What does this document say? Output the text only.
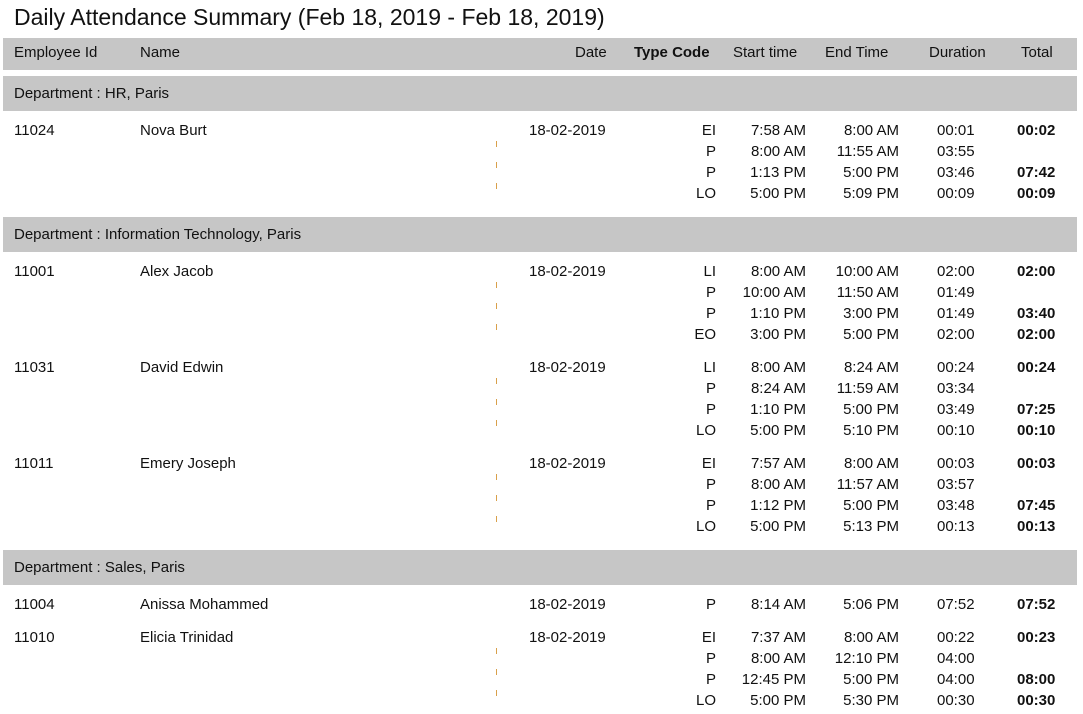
Daily Attendance Summary (Feb 18, 2019 - Feb 18, 2019)
Employee Id	Name	Date Type Code Start time End Time	Duration Total
Department : HR, Paris
11024	Nova Burt	18-02-2019	EI 7:58 AM	8:00 AM	00:01	00:02
P 8:00 AM 11:55 AM	03:55
P 1:13 PM 5:00 PM	03:46	07:42
LO 5:00 PM 5:09 PM	00:09	00:09
Department : Information Technology, Paris
11001	Alex Jacob	18-02-2019	LI 8:00 AM 10:00 AM	02:00	02:00
P 10:00 AM 11:50 AM	01:49
P 1:10 PM 3:00 PM	01:49	03:40
EO 3:00 PM 5:00 PM	02:00	02:00
11031	David Edwin	18-02-2019	LI 8:00 AM	8:24 AM	00:24	00:24
P 8:24 AM 11:59 AM	03:34
P 1:10 PM 5:00 PM	03:49	07:25
LO 5:00 PM 5:10 PM	00:10	00:10
11011	Emery Joseph	18-02-2019	EI 7:57 AM	8:00 AM	00:03	00:03
P 8:00 AM 11:57 AM	03:57
P 1:12 PM 5:00 PM	03:48	07:45
LO 5:00 PM 5:13 PM	00:13	00:13
Department : Sales, Paris
11004	Anissa Mohammed	18-02-2019	P 8:14 AM 5:06 PM	07:52	07:52
11010	Elicia Trinidad	18-02-2019	EI 7:37 AM	8:00 AM	00:22	00:23
P 8:00 AM 12:10 PM	04:00
P 12:45 PM 5:00 PM	04:00	08:00
LO 5:00 PM 5:30 PM	00:30	00:30
